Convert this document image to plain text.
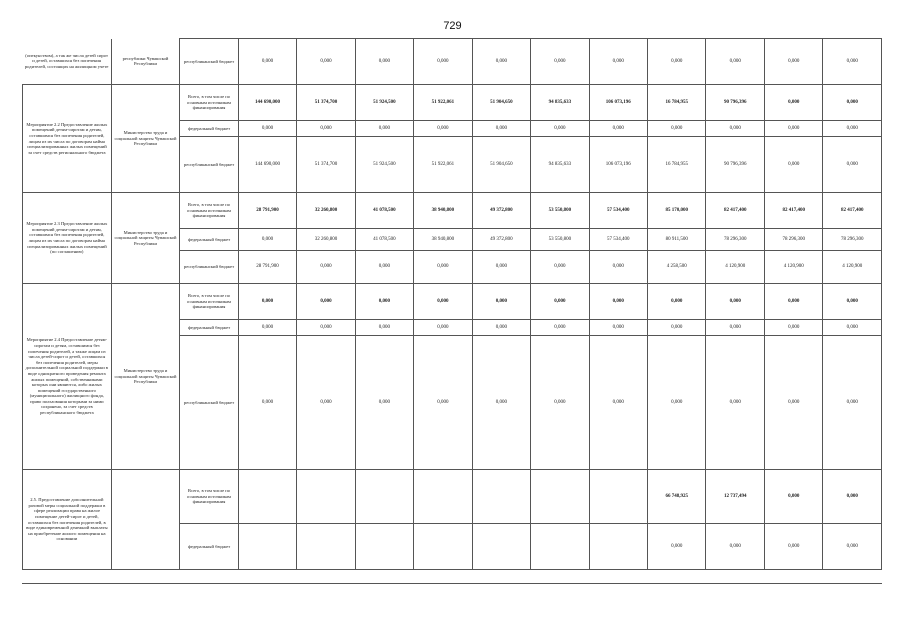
729
(опекунством), а так же числа детей сирот и детей, оставшихся без попечения родителей, состоящих на жилищном учете	республики Чувашской Республики	республиканский бюджет	0,000	0,000	0,000	0,000	0,000	0,000	0,000	0,000	0,000	0,000	0,000
Мероприятие 2.2 Предоставление жилых помещений детям-сиротам и детям, оставшимся без попечения родителей, лицам из их числа по договорам найма специализированных жилых помещений за счет средств регионального бюджета	Министерство труда и социальной защиты Чувашской Республики	Всего, в том числе по основным источникам финансирования	144 690,000	51 374,700	51 924,500	51 922,061	51 904,650	94 835,633	106 073,196	16 784,955	90 796,396	0,000	0,000
		федеральный бюджет	0,000	0,000	0,000	0,000	0,000	0,000	0,000	0,000	0,000	0,000	0,000
		республиканский бюджет	144 690,000	51 374,700	51 924,500	51 922,061	51 904,650	94 835,633	106 073,196	16 784,955	90 796,396	0,000	0,000
Мероприятие 2.3 Предоставление жилых помещений детям-сиротам и детям, оставшимся без попечения родителей, лицам из их числа по договорам найма специализированных жилых помещений (по соглашению)	Министерство труда и социальной защиты Чувашской Республики	Всего, в том числе по основным источникам финансирования	28 791,900	32 260,800	41 078,500	38 940,800	49 372,800	53 550,800	57 534,400	85 170,000	82 417,400	82 417,400	82 417,400
		федеральный бюджет	0,000	32 260,800	41 078,500	38 940,800	49 372,800	53 550,800	57 534,400	80 911,500	78 296,300	78 296,300	78 296,300
		республиканский бюджет	28 791,900	0,000	0,000	0,000	0,000	0,000	0,000	4 258,500	4 120,900	4 120,900	4 120,900
Мероприятие 2.4 Предоставление детям-сиротам и детям, оставшимся без попечения родителей, а также лицам из числа детей-сирот и детей, оставшихся без попечения родителей, меры дополнительной социальной поддержки в виде однократного проведения ремонта жилых помещений, собственниками которых они являются, либо жилых помещений государственного (муниципального) жилищного фонда, право пользования которыми за ними сохранено, за счет средств республиканского бюджета	Министерство труда и социальной защиты Чувашской Республики	Всего, в том числе по основным источникам финансирования	0,000	0,000	0,000	0,000	0,000	0,000	0,000	0,000	0,000	0,000	0,000
		федеральный бюджет	0,000	0,000	0,000	0,000	0,000	0,000	0,000	0,000	0,000	0,000	0,000
		республиканский бюджет	0,000	0,000	0,000	0,000	0,000	0,000	0,000	0,000	0,000	0,000	0,000
2.5. Предоставление дополнительной разовой меры социальной поддержки в сфере реализации права на жилое помещение детей-сирот и детей, оставшихся без попечения родителей, в виде единовременной денежной выплаты на приобретение жилого помещения на основании		Всего, в том числе по основным источникам финансирования								66 748,925	12 737,494	0,000	0,000
		федеральный бюджет								0,000	0,000	0,000	0,000
